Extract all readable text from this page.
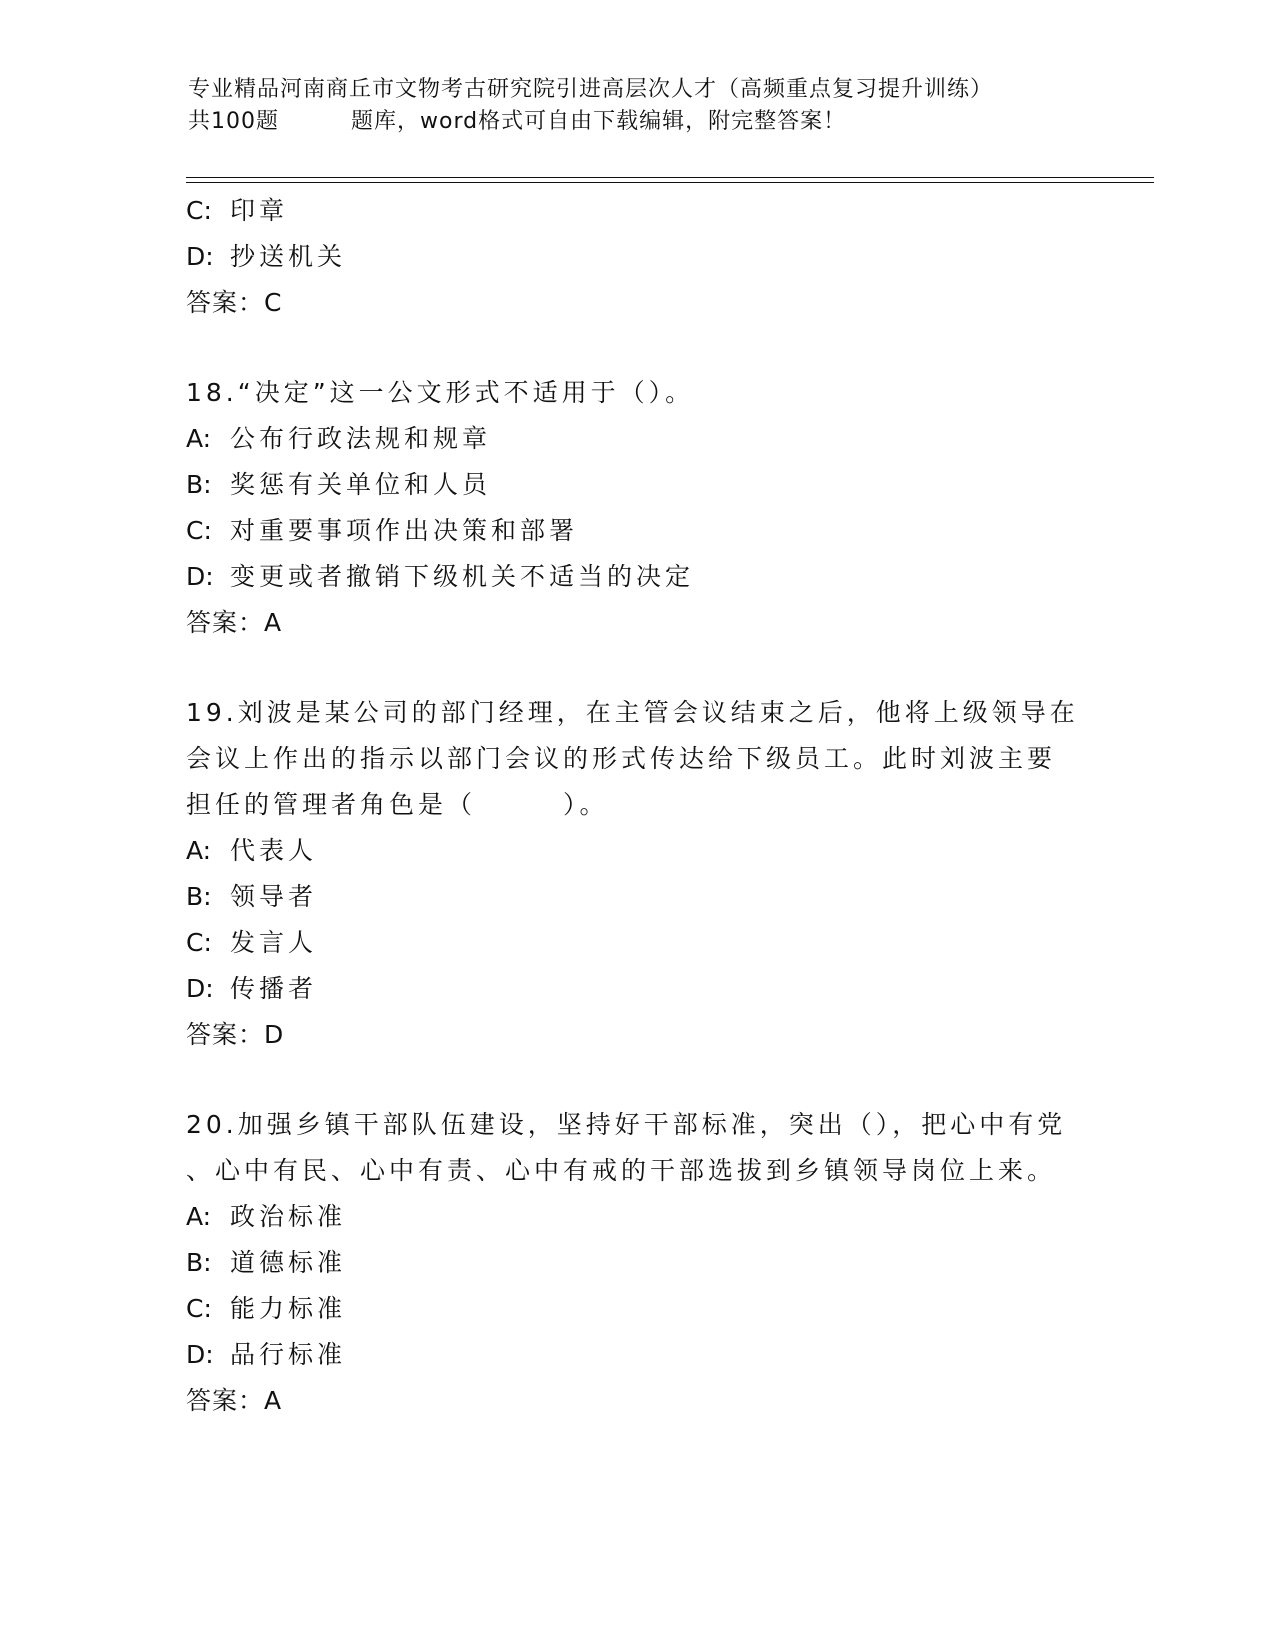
专业精品河南商丘市文物考古研究院引进高层次人才（高频重点复习提升训练）
共100题	题库，word格式可自由下载编辑，附完整答案！
C: 印章
D: 抄送机关
答案：C
18.“决定”这一公文形式不适用于（）。
A: 公布行政法规和规章
B: 奖惩有关单位和人员
C: 对重要事项作出决策和部署
D: 变更或者撤销下级机关不适当的决定
答案：A
19.刘波是某公司的部门经理，在主管会议结束之后，他将上级领导在
会议上作出的指示以部门会议的形式传达给下级员工。此时刘波主要
担任的管理者角色是（　　　）。
A: 代表人
B: 领导者
C: 发言人
D: 传播者
答案：D
20.加强乡镇干部队伍建设，坚持好干部标准，突出（），把心中有党
、心中有民、心中有责、心中有戒的干部选拔到乡镇领导岗位上来。
A: 政治标准
B: 道德标准
C: 能力标准
D: 品行标准
答案：A
